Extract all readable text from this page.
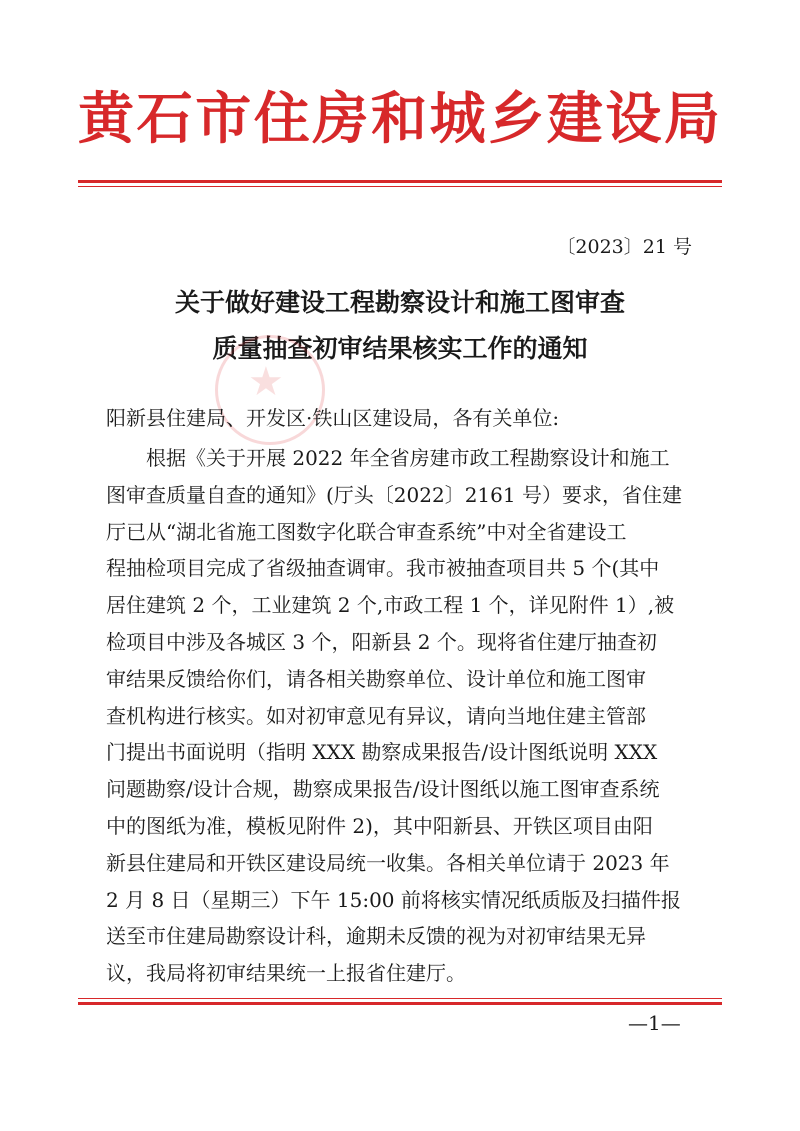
黄石市住房和城乡建设局
〔2023〕21 号
关于做好建设工程勘察设计和施工图审查
质量抽查初审结果核实工作的通知
★
阳新县住建局、开发区·铁山区建设局，各有关单位:
　　根据《关于开展 2022 年全省房建市政工程勘察设计和施工
图审查质量自查的通知》(厅头〔2022〕2161 号）要求，省住建
厅已从“湖北省施工图数字化联合审查系统”中对全省建设工
程抽检项目完成了省级抽查调审。我市被抽查项目共 5 个(其中
居住建筑 2 个，工业建筑 2 个,市政工程 1 个，详见附件 1）,被
检项目中涉及各城区 3 个，阳新县 2 个。现将省住建厅抽查初
审结果反馈给你们，请各相关勘察单位、设计单位和施工图审
查机构进行核实。如对初审意见有异议，请向当地住建主管部
门提出书面说明（指明 XXX 勘察成果报告/设计图纸说明 XXX
问题勘察/设计合规，勘察成果报告/设计图纸以施工图审查系统
中的图纸为准，模板见附件 2)，其中阳新县、开铁区项目由阳
新县住建局和开铁区建设局统一收集。各相关单位请于 2023 年
2 月 8 日（星期三）下午 15:00 前将核实情况纸质版及扫描件报
送至市住建局勘察设计科，逾期未反馈的视为对初审结果无异
议，我局将初审结果统一上报省住建厅。
—1—
